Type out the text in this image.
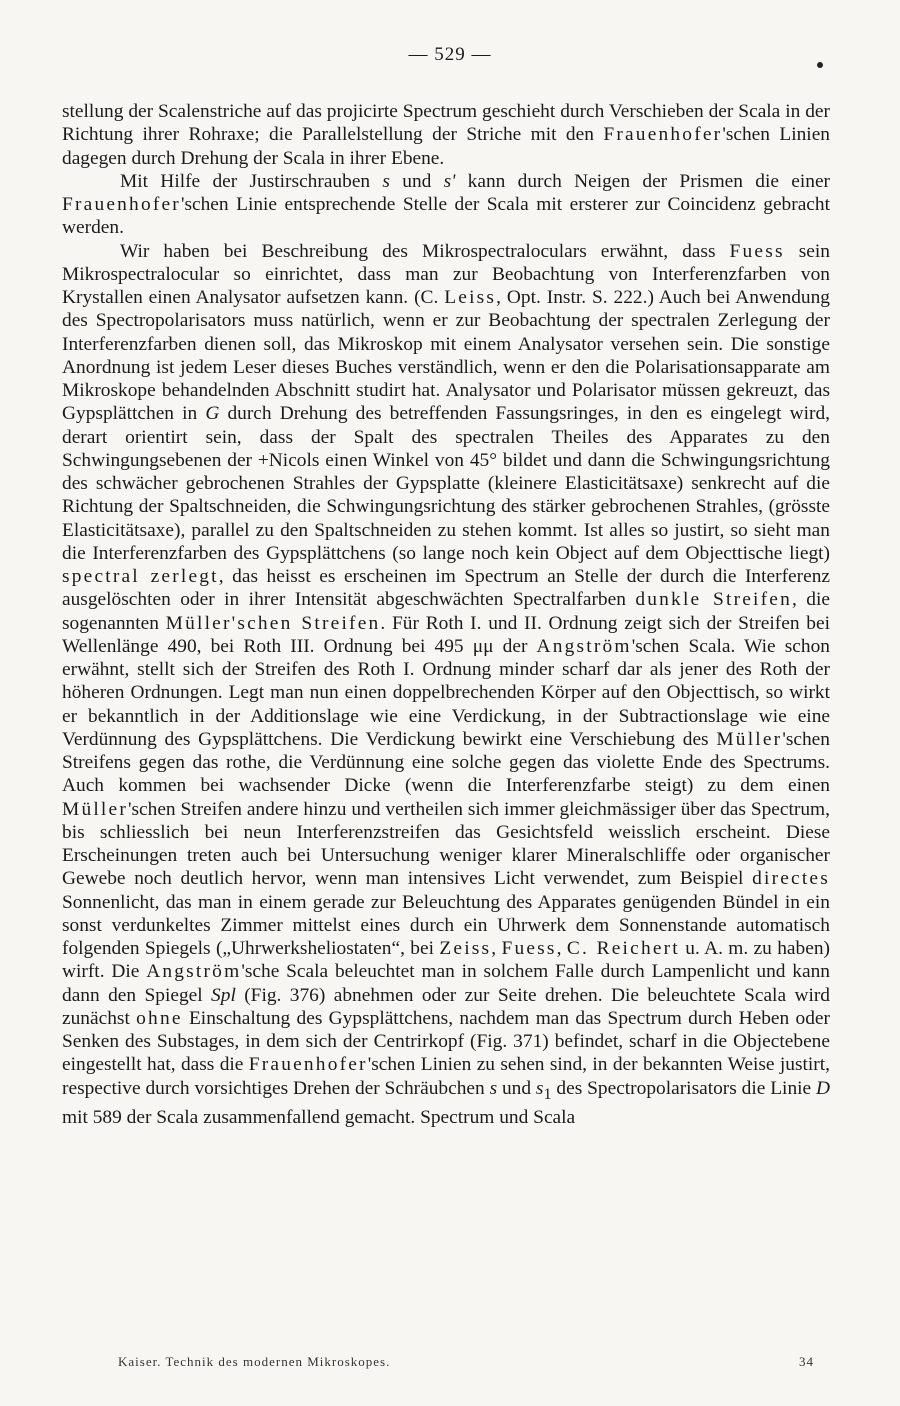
— 529 —

stellung der Scalenstriche auf das projicirte Spectrum geschieht durch Verschieben der Scala in der Richtung ihrer Rohraxe; die Parallelstellung der Striche mit den Frauenhofer'schen Linien dagegen durch Drehung der Scala in ihrer Ebene.

Mit Hilfe der Justirschrauben s und s' kann durch Neigen der Prismen die einer Frauenhofer'schen Linie entsprechende Stelle der Scala mit ersterer zur Coincidenz gebracht werden.

Wir haben bei Beschreibung des Mikrospectraloculars erwähnt, dass Fuess sein Mikrospectralocular so einrichtet, dass man zur Beobachtung von Interferenzfarben von Krystallen einen Analysator aufsetzen kann. (C. Leiss, Opt. Instr. S. 222.) Auch bei Anwendung des Spectropolarisators muss natürlich, wenn er zur Beobachtung der spectralen Zerlegung der Interferenzfarben dienen soll, das Mikroskop mit einem Analysator versehen sein. Die sonstige Anordnung ist jedem Leser dieses Buches verständlich, wenn er den die Polarisationsapparate am Mikroskope behandelnden Abschnitt studirt hat. Analysator und Polarisator müssen gekreuzt, das Gypsplättchen in G durch Drehung des betreffenden Fassungsringes, in den es eingelegt wird, derart orientirt sein, dass der Spalt des spectralen Theiles des Apparates zu den Schwingungsebenen der +Nicols einen Winkel von 45° bildet und dann die Schwingungsrichtung des schwächer gebrochenen Strahles der Gypsplatte (kleinere Elasticitätsaxe) senkrecht auf die Richtung der Spaltschneiden, die Schwingungsrichtung des stärker gebrochenen Strahles, (grösste Elasticitätsaxe), parallel zu den Spaltschneiden zu stehen kommt. Ist alles so justirt, so sieht man die Interferenzfarben des Gypsplättchens (so lange noch kein Object auf dem Objecttische liegt) spectral zerlegt, das heisst es erscheinen im Spectrum an Stelle der durch die Interferenz ausgelöschten oder in ihrer Intensität abgeschwächten Spectralfarben dunkle Streifen, die sogenannten Müller'schen Streifen. Für Roth I. und II. Ordnung zeigt sich der Streifen bei Wellenlänge 490, bei Roth III. Ordnung bei 495 μμ der Angström'schen Scala. Wie schon erwähnt, stellt sich der Streifen des Roth I. Ordnung minder scharf dar als jener des Roth der höheren Ordnungen. Legt man nun einen doppelbrechenden Körper auf den Objecttisch, so wirkt er bekanntlich in der Additionslage wie eine Verdickung, in der Subtractionslage wie eine Verdünnung des Gypsplättchens. Die Verdickung bewirkt eine Verschiebung des Müller'schen Streifens gegen das rothe, die Verdünnung eine solche gegen das violette Ende des Spectrums. Auch kommen bei wachsender Dicke (wenn die Interferenzfarbe steigt) zu dem einen Müller'schen Streifen andere hinzu und vertheilen sich immer gleichmässiger über das Spectrum, bis schliesslich bei neun Interferenzstreifen das Gesichtsfeld weisslich erscheint. Diese Erscheinungen treten auch bei Untersuchung weniger klarer Mineralschliffe oder organischer Gewebe noch deutlich hervor, wenn man intensives Licht verwendet, zum Beispiel directes Sonnenlicht, das man in einem gerade zur Beleuchtung des Apparates genügenden Bündel in ein sonst verdunkeltes Zimmer mittelst eines durch ein Uhrwerk dem Sonnenstande automatisch folgenden Spiegels („Uhrwerksheliostaten“, bei Zeiss, Fuess, C. Reichert u. A. m. zu haben) wirft. Die Angström'sche Scala beleuchtet man in solchem Falle durch Lampenlicht und kann dann den Spiegel Spl (Fig. 376) abnehmen oder zur Seite drehen. Die beleuchtete Scala wird zunächst ohne Einschaltung des Gypsplättchens, nachdem man das Spectrum durch Heben oder Senken des Substages, in dem sich der Centrirkopf (Fig. 371) befindet, scharf in die Objectebene eingestellt hat, dass die Frauenhofer'schen Linien zu sehen sind, in der bekannten Weise justirt, respective durch vorsichtiges Drehen der Schräubchen s und $s_1$ des Spectropolarisators die Linie D mit 589 der Scala zusammenfallend gemacht. Spectrum und Scala

Kaiser. Technik des modernen Mikroskopes.	34
